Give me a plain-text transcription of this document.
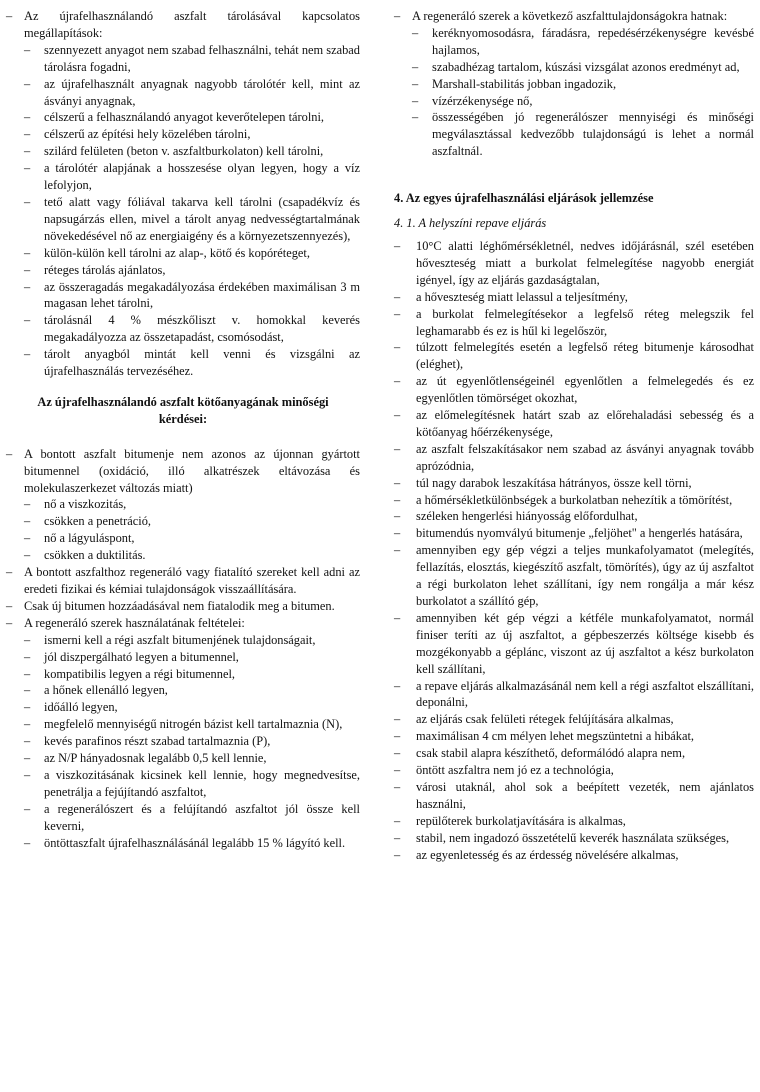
– Az újrafelhasználandó aszfalt tárolásával kapcsolatos megállapítások:
– szennyezett anyagot nem szabad felhasználni, tehát nem szabad tárolásra fogadni,
– az újrafelhasznált anyagnak nagyobb tárolótér kell, mint az ásványi anyagnak,
– célszerű a felhasználandó anyagot keverőtelepen tárolni,
– célszerű az építési hely közelében tárolni,
– szilárd felületen (beton v. aszfaltburkolaton) kell tárolni,
– a tárolótér alapjának a hosszesése olyan legyen, hogy a víz lefolyjon,
– tető alatt vagy fóliával takarva kell tárolni (csapadékvíz és napsugárzás ellen, mivel a tárolt anyag nedvességtartalmának növekedésével nő az energiaigény és a környezetszennyezés),
– külön-külön kell tárolni az alap-, kötő és kopóréteget,
– réteges tárolás ajánlatos,
– az összeragadás megakadályozása érdekében maximálisan 3 m magasan lehet tárolni,
– tárolásnál 4 % mészkőliszt v. homokkal keverés megakadályozza az összetapadást, csomósodást,
– tárolt anyagból mintát kell venni és vizsgálni az újrafelhasználás tervezéséhez.
Az újrafelhasználandó aszfalt kötőanyagának minőségi kérdései:
– A bontott aszfalt bitumenje nem azonos az újonnan gyártott bitumennel (oxidáció, illó alkatrészek eltávozása és molekulaszerkezet változás miatt)
– nő a viszkozitás,
– csökken a penetráció,
– nő a lágyuláspont,
– csökken a duktilitás.
– A bontott aszfalthoz regeneráló vagy fiatalító szereket kell adni az eredeti fizikai és kémiai tulajdonságok visszaállítására.
– Csak új bitumen hozzáadásával nem fiatalodik meg a bitumen.
– A regeneráló szerek használatának feltételei:
– ismerni kell a régi aszfalt bitumenjének tulajdonságait,
– jól diszpergálható legyen a bitumennel,
– kompatibilis legyen a régi bitumennel,
– a hőnek ellenálló legyen,
– időálló legyen,
– megfelelő mennyiségű nitrogén bázist kell tartalmaznia (N),
– kevés parafinos részt szabad tartalmaznia (P),
– az N/P hányadosnak legalább 0,5 kell lennie,
– a viszkozitásának kicsinek kell lennie, hogy megnedvesítse, penetrálja a fejújítandó aszfaltot,
– a regenerálószert és a felújítandó aszfaltot jól össze kell keverni,
– öntöttaszfalt újrafelhasználásánál legalább 15 % lágyító kell.
– A regeneráló szerek a következő aszfalttulajdonságokra hatnak:
– keréknyomosodásra, fáradásra, repedésérzékenységre kevésbé hajlamos,
– szabadhézag tartalom, kúszási vizsgálat azonos eredményt ad,
– Marshall-stabilitás jobban ingadozik,
– vízérzékenysége nő,
– összességében jó regenerálószer mennyiségi és minőségi megválasztással kedvezőbb tulajdonságú is lehet a normál aszfaltnál.
4. Az egyes újrafelhasználási eljárások jellemzése
4. 1. A helyszíni repave eljárás
– 10°C alatti léghőmérsékletnél, nedves időjárásnál, szél esetében hőveszteség miatt a burkolat felmelegítése nagyobb energiát igényel, így az eljárás gazdaságtalan,
– a hőveszteség miatt lelassul a teljesítmény,
– a burkolat felmelegítésekor a legfelső réteg melegszik fel leghamarabb és ez is hűl ki legelőször,
– túlzott felmelegítés esetén a legfelső réteg bitumenje károsodhat (eléghet),
– az út egyenlőtlenségeinél egyenlőtlen a felmelegedés és ez egyenlőtlen tömörséget okozhat,
– az előmelegítésnek határt szab az előrehaladási sebesség és a kötőanyag hőérzékenysége,
– az aszfalt felszakításakor nem szabad az ásványi anyagnak tovább aprózódnia,
– túl nagy darabok leszakítása hátrányos, össze kell törni,
– a hőmérsékletkülönbségek a burkolatban nehezítik a tömörítést,
– széleken hengerlési hiányosság előfordulhat,
– bitumendús nyomvályú bitumenje „feljöhet" a hengerlés hatására,
– amennyiben egy gép végzi a teljes munkafolyamatot (melegítés, fellazítás, elosztás, kiegészítő aszfalt, tömörítés), úgy az új aszfaltot a régi burkolaton lehet szállítani, így nem rongálja a már kész burkolatot a szállító gép,
– amennyiben két gép végzi a kétféle munkafolyamatot, normál finiser teríti az új aszfaltot, a gépbeszerzés költsége kisebb és mozgékonyabb a géplánc, viszont az új aszfaltot a kész burkolaton kell szállítani,
– a repave eljárás alkalmazásánál nem kell a régi aszfaltot elszállítani, deponálni,
– az eljárás csak felületi rétegek felújítására alkalmas,
– maximálisan 4 cm mélyen lehet megszüntetni a hibákat,
– csak stabil alapra készíthető, deformálódó alapra nem,
– öntött aszfaltra nem jó ez a technológia,
– városi utaknál, ahol sok a beépített vezeték, nem ajánlatos használni,
– repülőterek burkolatjavítására is alkalmas,
– stabil, nem ingadozó összetételű keverék használata szükséges,
– az egyenletesség és az érdesség növelésére alkalmas,
